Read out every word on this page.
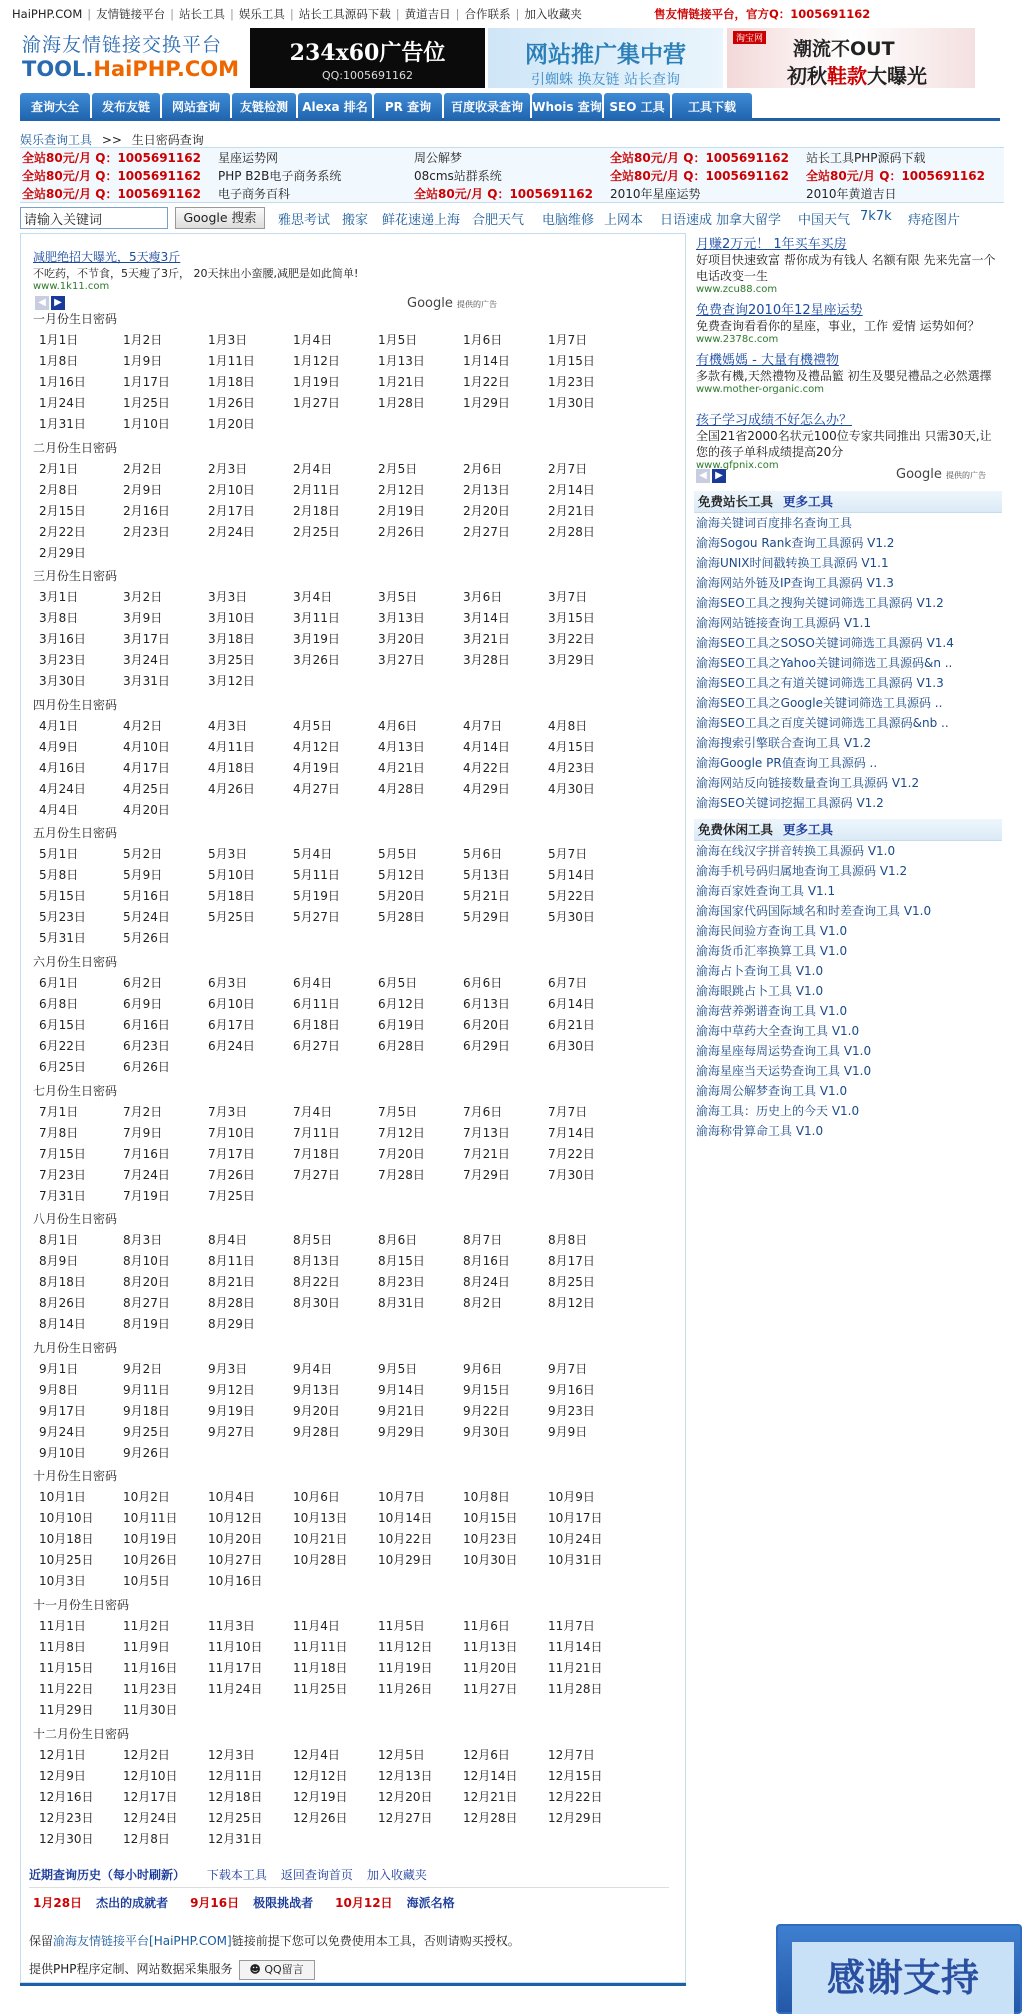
HaiPHP.COM | 友情链接平台 | 站长工具 | 娱乐工具 | 站长工具源码下载 | 黄道吉日 | 合作联系 | 加入收藏夹	售友情链接平台，官方Q：1005691162
渝海友情链接交换平台
TOOL.HaiPHP.COM
234x60广告位
QQ:1005691162
网站推广集中营
引蜘蛛 换友链 站长查询
淘宝网 潮流不OUT
初秋鞋款大曝光
查询大全	发布友链	网站查询	友链检测	Alexa 排名	PR 查询	百度收录查询 Whois 查询 SEO 工具	工具下载
娱乐查询工具 >> 生日密码查询
全站80元/月 Q：1005691162 星座运势网	周公解梦	全站80元/月 Q：1005691162 站长工具PHP源码下载
全站80元/月 Q：1005691162 PHP B2B电子商务系统	08cms站群系统	全站80元/月 Q：1005691162 全站80元/月 Q：1005691162
全站80元/月 Q：1005691162 电子商务百科	全站80元/月 Q：1005691162 2010年星座运势	2010年黄道吉日
请输入关键词
Google 搜索	雅思考试 搬家 鲜花速递上海 合肥天气 电脑维修 上网本 日语速成 加拿大留学 中国天气 7k7k 痔疮图片
减肥绝招大曝光，5天瘦3斤
不吃药，不节食，5天瘦了3斤， 20天抹出小蛮腰,减肥是如此简单!
www.1k11.com
◀ ▶	Google 提供的广告
一月份生日密码
1月1日	1月2日	1月3日	1月4日	1月5日	1月6日	1月7日
1月8日	1月9日	1月11日	1月12日	1月13日	1月14日	1月15日
1月16日	1月17日	1月18日	1月19日	1月21日	1月22日	1月23日
1月24日	1月25日	1月26日	1月27日	1月28日	1月29日	1月30日
1月31日	1月10日	1月20日
二月份生日密码
2月1日	2月2日	2月3日	2月4日	2月5日	2月6日	2月7日
2月8日	2月9日	2月10日	2月11日	2月12日	2月13日	2月14日
2月15日	2月16日	2月17日	2月18日	2月19日	2月20日	2月21日
2月22日	2月23日	2月24日	2月25日	2月26日	2月27日	2月28日
2月29日
三月份生日密码
3月1日	3月2日	3月3日	3月4日	3月5日	3月6日	3月7日
3月8日	3月9日	3月10日	3月11日	3月13日	3月14日	3月15日
3月16日	3月17日	3月18日	3月19日	3月20日	3月21日	3月22日
3月23日	3月24日	3月25日	3月26日	3月27日	3月28日	3月29日
3月30日	3月31日	3月12日
四月份生日密码
4月1日	4月2日	4月3日	4月5日	4月6日	4月7日	4月8日
4月9日	4月10日	4月11日	4月12日	4月13日	4月14日	4月15日
4月16日	4月17日	4月18日	4月19日	4月21日	4月22日	4月23日
4月24日	4月25日	4月26日	4月27日	4月28日	4月29日	4月30日
4月4日	4月20日
五月份生日密码
5月1日	5月2日	5月3日	5月4日	5月5日	5月6日	5月7日
5月8日	5月9日	5月10日	5月11日	5月12日	5月13日	5月14日
5月15日	5月16日	5月18日	5月19日	5月20日	5月21日	5月22日
5月23日	5月24日	5月25日	5月27日	5月28日	5月29日	5月30日
5月31日	5月26日
六月份生日密码
6月1日	6月2日	6月3日	6月4日	6月5日	6月6日	6月7日
6月8日	6月9日	6月10日	6月11日	6月12日	6月13日	6月14日
6月15日	6月16日	6月17日	6月18日	6月19日	6月20日	6月21日
6月22日	6月23日	6月24日	6月27日	6月28日	6月29日	6月30日
6月25日	6月26日
七月份生日密码
7月1日	7月2日	7月3日	7月4日	7月5日	7月6日	7月7日
7月8日	7月9日	7月10日	7月11日	7月12日	7月13日	7月14日
7月15日	7月16日	7月17日	7月18日	7月20日	7月21日	7月22日
7月23日	7月24日	7月26日	7月27日	7月28日	7月29日	7月30日
7月31日	7月19日	7月25日
八月份生日密码
8月1日	8月3日	8月4日	8月5日	8月6日	8月7日	8月8日
8月9日	8月10日	8月11日	8月13日	8月15日	8月16日	8月17日
8月18日	8月20日	8月21日	8月22日	8月23日	8月24日	8月25日
8月26日	8月27日	8月28日	8月30日	8月31日	8月2日	8月12日
8月14日	8月19日	8月29日
九月份生日密码
9月1日	9月2日	9月3日	9月4日	9月5日	9月6日	9月7日
9月8日	9月11日	9月12日	9月13日	9月14日	9月15日	9月16日
9月17日	9月18日	9月19日	9月20日	9月21日	9月22日	9月23日
9月24日	9月25日	9月27日	9月28日	9月29日	9月30日	9月9日
9月10日	9月26日
十月份生日密码
10月1日	10月2日	10月4日	10月6日	10月7日	10月8日	10月9日
10月10日 10月11日	10月12日	10月13日	10月14日	10月15日	10月17日
10月18日 10月19日	10月20日	10月21日	10月22日	10月23日	10月24日
10月25日 10月26日	10月27日	10月28日	10月29日	10月30日	10月31日
10月3日	10月5日	10月16日
十一月份生日密码
11月1日	11月2日	11月3日	11月4日	11月5日	11月6日	11月7日
11月8日	11月9日	11月10日	11月11日	11月12日	11月13日	11月14日
11月15日 11月16日	11月17日	11月18日	11月19日	11月20日	11月21日
11月22日 11月23日	11月24日	11月25日	11月26日	11月27日	11月28日
11月29日 11月30日
十二月份生日密码
12月1日	12月2日	12月3日	12月4日	12月5日	12月6日	12月7日
12月9日	12月10日	12月11日	12月12日	12月13日	12月14日	12月15日
12月16日 12月17日	12月18日	12月19日	12月20日	12月21日	12月22日
12月23日 12月24日	12月25日	12月26日	12月27日	12月28日	12月29日
12月30日 12月8日	12月31日
近期查询历史（每小时刷新） 下载本工具 返回查询首页 加入收藏夹
1月28日 杰出的成就者 9月16日 极限挑战者 10月12日 海派名格
保留渝海友情链接平台[HaiPHP.COM]链接前提下您可以免费使用本工具，否则请购买授权。
提供PHP程序定制、网站数据采集服务 ☻ QQ留言
◀ ▶	Google 提供的广告
月赚2万元！ 1年买车买房
好项目快速致富 帮你成为有钱人 名额有限 先来先富一个电话改变一生
www.zcu88.com
免费查询2010年12星座运势
免费查询看看你的星座，事业，工作 爱情 运势如何？
www.2378c.com
有機媽媽 - 大量有機禮物
多款有機,天然禮物及禮品籃 初生及嬰兒禮品之必然選擇
www.mother-organic.com
孩子学习成绩不好怎么办？
全国21省2000名状元100位专家共同推出 只需30天,让您的孩子单科成绩提高20分
www.gfpnix.com
免费站长工具 更多工具
渝海关键词百度排名查询工具
渝海Sogou Rank查询工具源码 V1.2
渝海UNIX时间戳转换工具源码 V1.1
渝海网站外链及IP查询工具源码 V1.3
渝海SEO工具之搜狗关键词筛选工具源码 V1.2
渝海网站链接查询工具源码 V1.1
渝海SEO工具之SOSO关键词筛选工具源码 V1.4
渝海SEO工具之Yahoo关键词筛选工具源码&n ..
渝海SEO工具之有道关键词筛选工具源码 V1.3
渝海SEO工具之Google关键词筛选工具源码 ..
渝海SEO工具之百度关键词筛选工具源码&nb ..
渝海搜索引擎联合查询工具 V1.2
渝海Google PR值查询工具源码 ..
渝海网站反向链接数量查询工具源码 V1.2
渝海SEO关键词挖掘工具源码 V1.2
免费休闲工具 更多工具
渝海在线汉字拼音转换工具源码 V1.0
渝海手机号码归属地查询工具源码 V1.2
渝海百家姓查询工具 V1.1
渝海国家代码国际域名和时差查询工具 V1.0
渝海民间验方查询工具 V1.0
渝海货币汇率换算工具 V1.0
渝海占卜查询工具 V1.0
渝海眼跳占卜工具 V1.0
渝海营养粥谱查询工具 V1.0
渝海中草药大全查询工具 V1.0
渝海星座每周运势查询工具 V1.0
渝海星座当天运势查询工具 V1.0
渝海周公解梦查询工具 V1.0
渝海工具：历史上的今天 V1.0
渝海称骨算命工具 V1.0
感谢支持
